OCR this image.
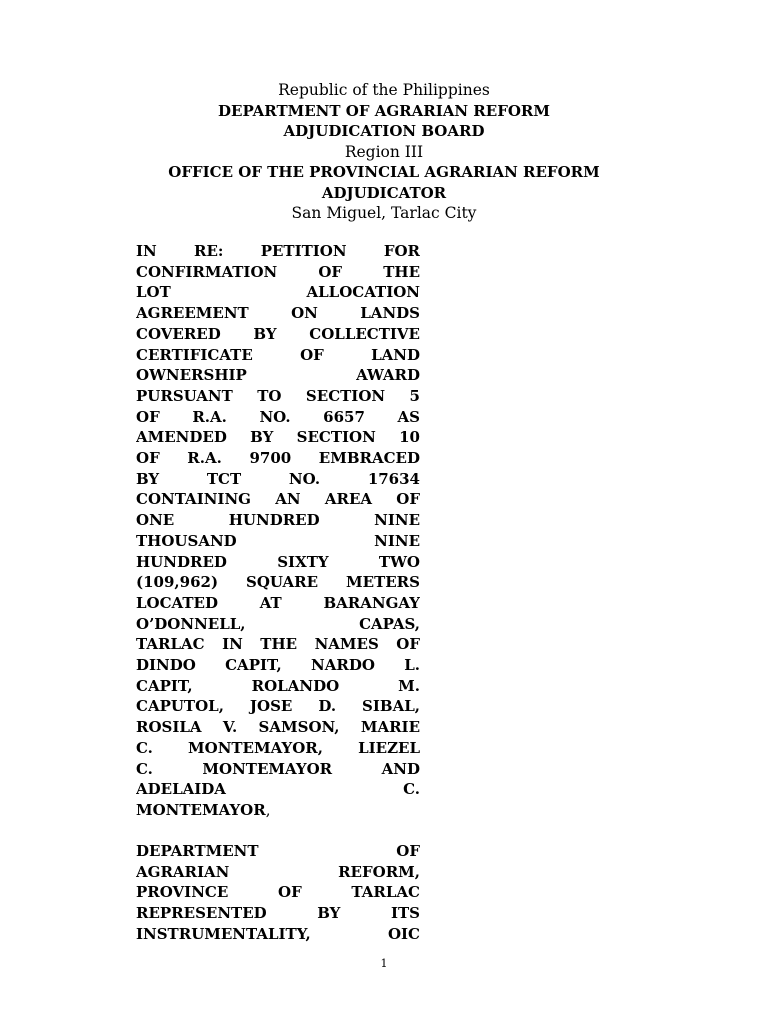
Republic of the Philippines
DEPARTMENT OF AGRARIAN REFORM
ADJUDICATION BOARD
Region III
OFFICE OF THE PROVINCIAL AGRARIAN REFORM
ADJUDICATOR
San Miguel, Tarlac City
IN RE: PETITION FOR
CONFIRMATION OF THE
LOT ALLOCATION
AGREEMENT ON LANDS
COVERED BY COLLECTIVE
CERTIFICATE OF LAND
OWNERSHIP AWARD
PURSUANT TO SECTION 5
OF R.A. NO. 6657 AS
AMENDED BY SECTION 10
OF R.A. 9700 EMBRACED
BY TCT NO. 17634
CONTAINING AN AREA OF
ONE HUNDRED NINE
THOUSAND NINE
HUNDRED SIXTY TWO
(109,962) SQUARE METERS
LOCATED AT BARANGAY
O’DONNELL, CAPAS,
TARLAC IN THE NAMES OF
DINDO CAPIT, NARDO L.
CAPIT, ROLANDO M.
CAPUTOL, JOSE D. SIBAL,
ROSILA V. SAMSON, MARIE
C. MONTEMAYOR, LIEZEL
C. MONTEMAYOR AND
ADELAIDA C.
MONTEMAYOR,
DEPARTMENT OF
AGRARIAN REFORM,
PROVINCE OF TARLAC
REPRESENTED BY ITS
INSTRUMENTALITY, OIC
1
